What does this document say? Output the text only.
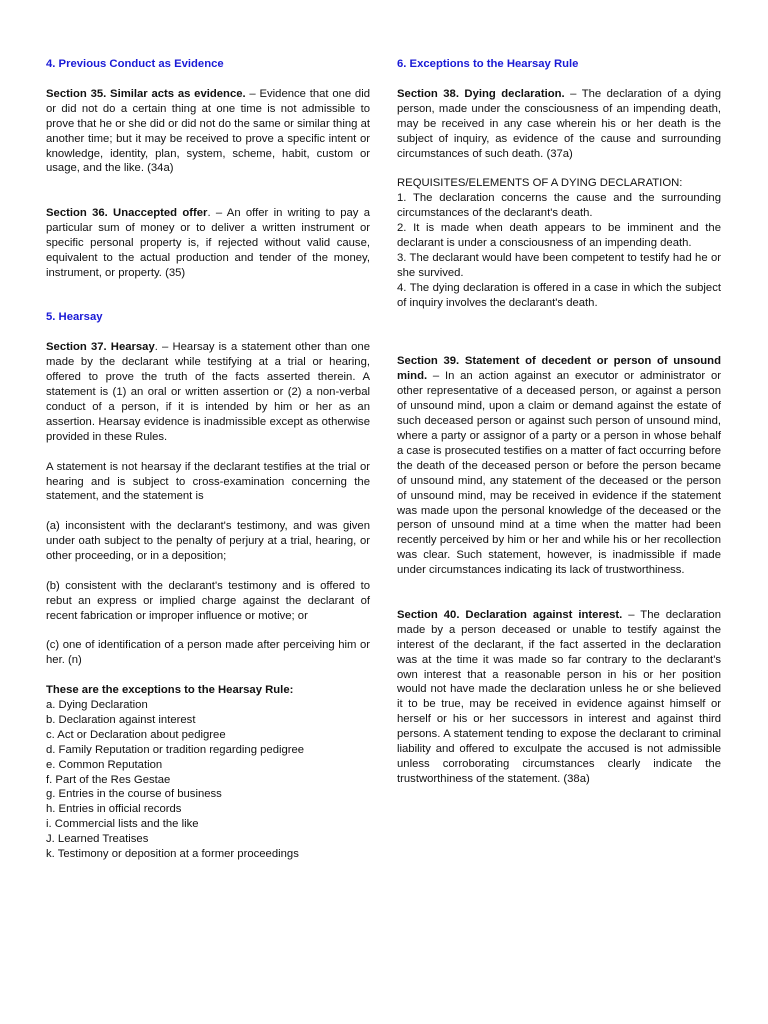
4. Previous Conduct as Evidence

Section 35. Similar acts as evidence. – Evidence that one did or did not do a certain thing at one time is not admissible to prove that he or she did or did not do the same or similar thing at another time; but it may be received to prove a specific intent or knowledge, identity, plan, system, scheme, habit, custom or usage, and the like. (34a)

Section 36. Unaccepted offer. – An offer in writing to pay a particular sum of money or to deliver a written instrument or specific personal property is, if rejected without valid cause, equivalent to the actual production and tender of the money, instrument, or property. (35)

5. Hearsay

Section 37. Hearsay. – Hearsay is a statement other than one made by the declarant while testifying at a trial or hearing, offered to prove the truth of the facts asserted therein. A statement is (1) an oral or written assertion or (2) a non-verbal conduct of a person, if it is intended by him or her as an assertion. Hearsay evidence is inadmissible except as otherwise provided in these Rules.

A statement is not hearsay if the declarant testifies at the trial or hearing and is subject to cross-examination concerning the statement, and the statement is

(a) inconsistent with the declarant's testimony, and was given under oath subject to the penalty of perjury at a trial, hearing, or other proceeding, or in a deposition;

(b) consistent with the declarant's testimony and is offered to rebut an express or implied charge against the declarant of recent fabrication or improper influence or motive; or

(c) one of identification of a person made after perceiving him or her. (n)

These are the exceptions to the Hearsay Rule:

a. Dying Declaration
b. Declaration against interest
c. Act or Declaration about pedigree
d. Family Reputation or tradition regarding pedigree
e. Common Reputation
f. Part of the Res Gestae
g. Entries in the course of business
h. Entries in official records
i. Commercial lists and the like
J. Learned Treatises
k. Testimony or deposition at a former proceedings
6. Exceptions to the Hearsay Rule

Section 38. Dying declaration. – The declaration of a dying person, made under the consciousness of an impending death, may be received in any case wherein his or her death is the subject of inquiry, as evidence of the cause and surrounding circumstances of such death. (37a)

REQUISITES/ELEMENTS OF A DYING DECLARATION:

1. The declaration concerns the cause and the surrounding circumstances of the declarant's death.

2. It is made when death appears to be imminent and the declarant is under a consciousness of an impending death.

3. The declarant would have been competent to testify had he or she survived.

4. The dying declaration is offered in a case in which the subject of inquiry involves the declarant's death.

Section 39. Statement of decedent or person of unsound mind. – In an action against an executor or administrator or other representative of a deceased person, or against a person of unsound mind, upon a claim or demand against the estate of such deceased person or against such person of unsound mind, where a party or assignor of a party or a person in whose behalf a case is prosecuted testifies on a matter of fact occurring before the death of the deceased person or before the person became of unsound mind, any statement of the deceased or the person of unsound mind, may be received in evidence if the statement was made upon the personal knowledge of the deceased or the person of unsound mind at a time when the matter had been recently perceived by him or her and while his or her recollection was clear. Such statement, however, is inadmissible if made under circumstances indicating its lack of trustworthiness.

Section 40. Declaration against interest. – The declaration made by a person deceased or unable to testify against the interest of the declarant, if the fact asserted in the declaration was at the time it was made so far contrary to the declarant's own interest that a reasonable person in his or her position would not have made the declaration unless he or she believed it to be true, may be received in evidence against himself or herself or his or her successors in interest and against third persons. A statement tending to expose the declarant to criminal liability and offered to exculpate the accused is not admissible unless corroborating circumstances clearly indicate the trustworthiness of the statement. (38a)
